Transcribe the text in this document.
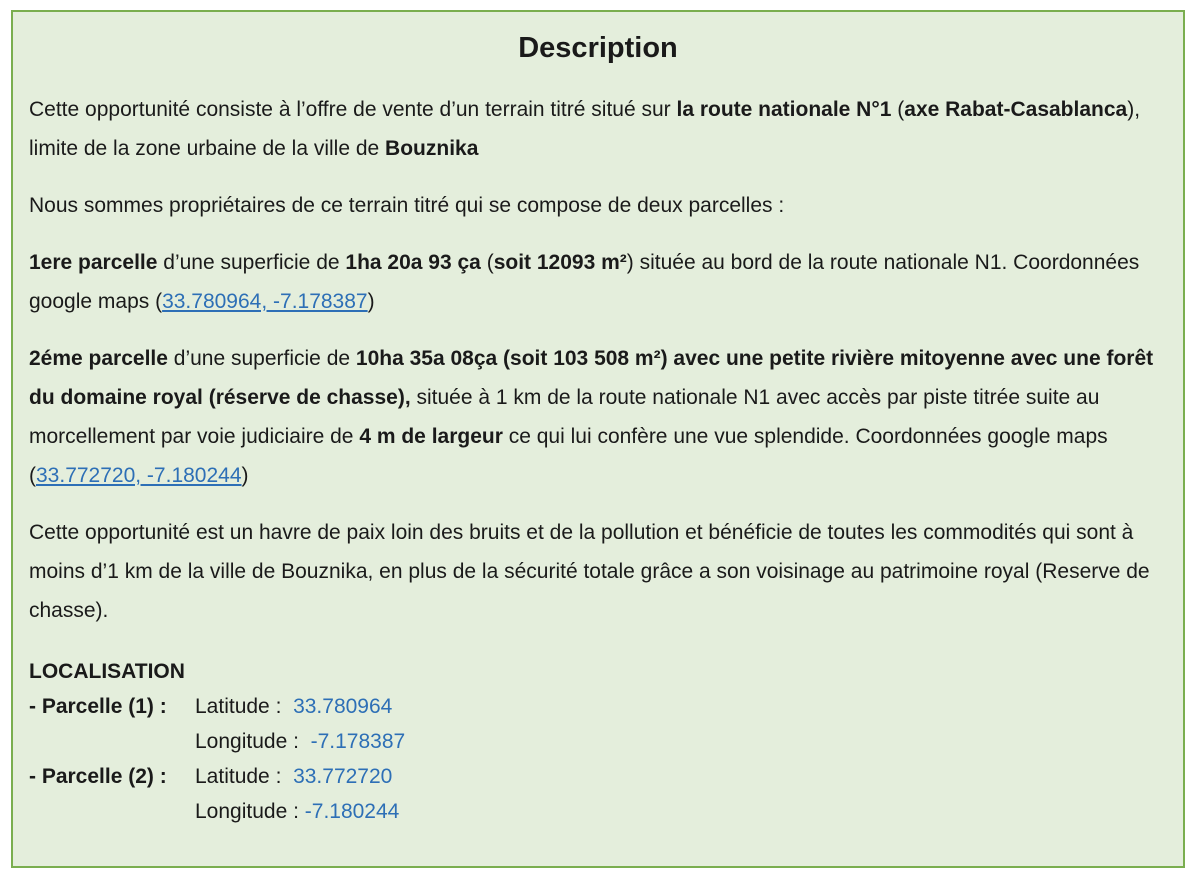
Description

Cette opportunité consiste à l’offre de vente d’un terrain titré situé sur la route nationale N°1 (axe Rabat-Casablanca), limite de la zone urbaine de la ville de Bouznika

Nous sommes propriétaires de ce terrain titré qui se compose de deux parcelles :

1ere parcelle d’une superficie de 1ha 20a 93 ça (soit 12093 m²) située au bord de la route nationale N1. Coordonnées google maps (33.780964, -7.178387)

2éme parcelle d’une superficie de 10ha 35a 08ça (soit 103 508 m²) avec une petite rivière mitoyenne avec une forêt du domaine royal (réserve de chasse), située à 1 km de la route nationale N1 avec accès par piste titrée suite au morcellement par voie judiciaire de 4 m de largeur ce qui lui confère une vue splendide. Coordonnées google maps (33.772720, -7.180244)

Cette opportunité est un havre de paix loin des bruits et de la pollution et bénéficie de toutes les commodités qui sont à moins d’1 km de la ville de Bouznika, en plus de la sécurité totale grâce a son voisinage au patrimoine royal (Reserve de chasse).

LOCALISATION
- Parcelle (1) :	Latitude : 33.780964
Longitude : -7.178387
- Parcelle (2) :	Latitude : 33.772720
Longitude : -7.180244
